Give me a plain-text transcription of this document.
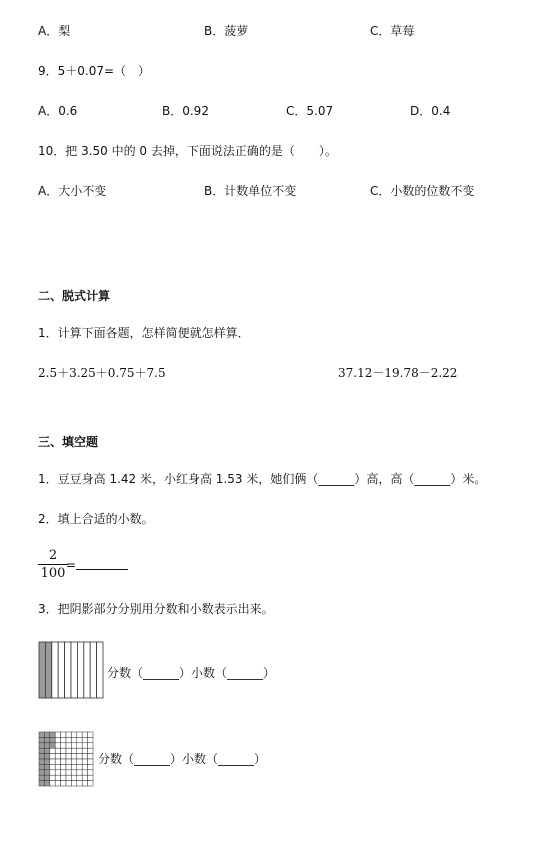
A．梨	B．菠萝	C．草莓
9．5＋0.07=（　）
A．0.6	B．0.92	C．5.07	D．0.4
10．把 3.50 中的 0 去掉，下面说法正确的是（　　）。
A．大小不变	B．计数单位不变	C．小数的位数不变
二、脱式计算
1．计算下面各题，怎样简便就怎样算．
2.5＋3.25＋0.75＋7.5	37.12－19.78－2.22
三、填空题
1．豆豆身高 1.42 米，小红身高 1.53 米，她们俩（______）高，高（______）米。
2．填上合适的小数。
2
100
=
3．把阴影部分分别用分数和小数表示出来。
分数（______）小数（______）
分数（______）小数（______）
